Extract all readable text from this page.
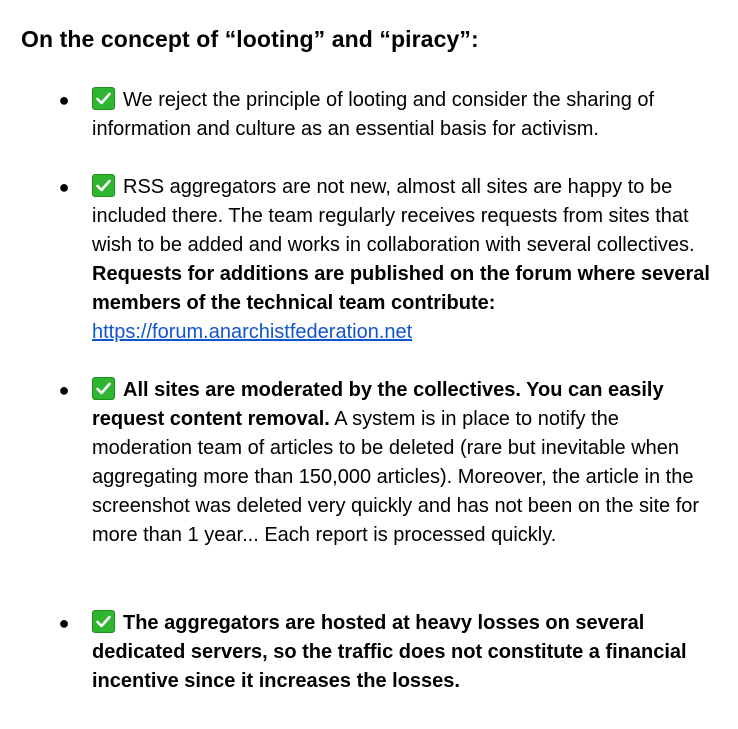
On the concept of “looting” and “piracy”:
●	We reject the principle of looting and consider the sharing of information and culture as an essential basis for activism.
●	RSS aggregators are not new, almost all sites are happy to be included there. The team regularly receives requests from sites that wish to be added and works in collaboration with several collectives. Requests for additions are published on the forum where several members of the technical team contribute: https://forum.anarchistfederation.net
●	All sites are moderated by the collectives. You can easily request content removal. A system is in place to notify the moderation team of articles to be deleted (rare but inevitable when aggregating more than 150,000 articles). Moreover, the article in the screenshot was deleted very quickly and has not been on the site for more than 1 year... Each report is processed quickly.
●	The aggregators are hosted at heavy losses on several dedicated servers, so the traffic does not constitute a financial incentive since it increases the losses.
